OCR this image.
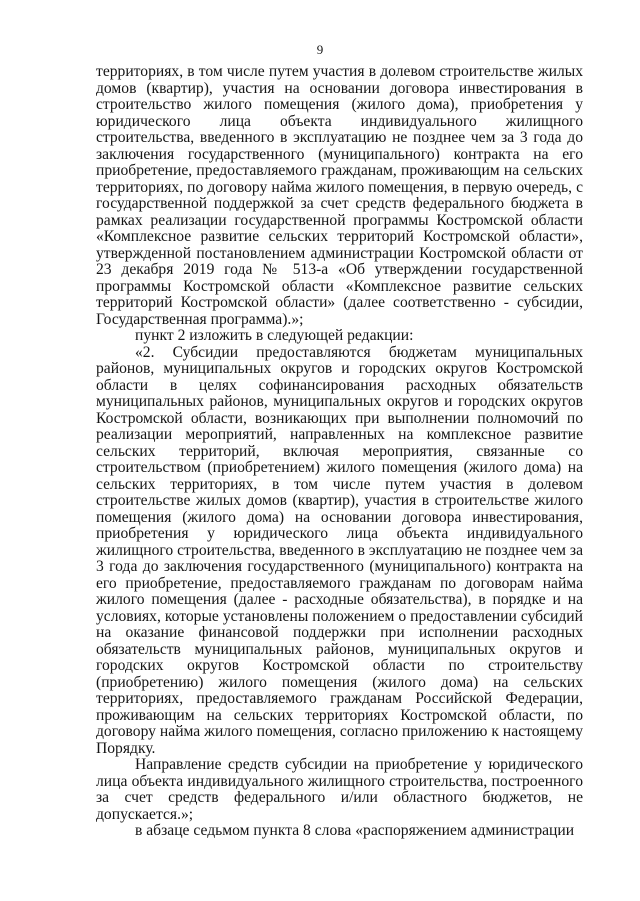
9

территориях, в том числе путем участия в долевом строительстве жилых домов (квартир), участия на основании договора инвестирования в строительство жилого помещения (жилого дома), приобретения у юридического лица объекта индивидуального жилищного строительства, введенного в эксплуатацию не позднее чем за 3 года до заключения государственного (муниципального) контракта на его приобретение, предоставляемого гражданам, проживающим на сельских территориях, по договору найма жилого помещения, в первую очередь, с государственной поддержкой за счет средств федерального бюджета в рамках реализации государственной программы Костромской области «Комплексное развитие сельских территорий Костромской области», утвержденной постановлением администрации Костромской области от 23 декабря 2019 года № 513-а «Об утверждении государственной программы Костромской области «Комплексное развитие сельских территорий Костромской области» (далее соответственно - субсидии, Государственная программа).»;

пункт 2 изложить в следующей редакции:

«2. Субсидии предоставляются бюджетам муниципальных районов, муниципальных округов и городских округов Костромской области в целях софинансирования расходных обязательств муниципальных районов, муниципальных округов и городских округов Костромской области, возникающих при выполнении полномочий по реализации мероприятий, направленных на комплексное развитие сельских территорий, включая мероприятия, связанные со строительством (приобретением) жилого помещения (жилого дома) на сельских территориях, в том числе путем участия в долевом строительстве жилых домов (квартир), участия в строительстве жилого помещения (жилого дома) на основании договора инвестирования, приобретения у юридического лица объекта индивидуального жилищного строительства, введенного в эксплуатацию не позднее чем за 3 года до заключения государственного (муниципального) контракта на его приобретение, предоставляемого гражданам по договорам найма жилого помещения (далее - расходные обязательства), в порядке и на условиях, которые установлены положением о предоставлении субсидий на оказание финансовой поддержки при исполнении расходных обязательств муниципальных районов, муниципальных округов и городских округов Костромской области по строительству (приобретению) жилого помещения (жилого дома) на сельских территориях, предоставляемого гражданам Российской Федерации, проживающим на сельских территориях Костромской области, по договору найма жилого помещения, согласно приложению к настоящему Порядку.

Направление средств субсидии на приобретение у юридического лица объекта индивидуального жилищного строительства, построенного за счет средств федерального и/или областного бюджетов, не допускается.»;

в абзаце седьмом пункта 8 слова «распоряжением администрации
